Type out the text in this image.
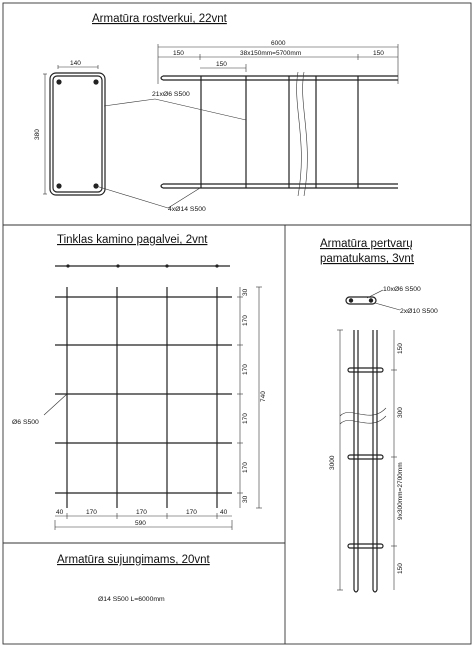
Armatūra rostverkui, 22vnt
140
380
6000
150	38x150mm=5700mm	150
150
21xØ6 S500
4xØ14 S500
Tinklas kamino pagalvei, 2vnt
30
170
170
170
170
30
740
40	170	170	170	40
590
Ø6 S500
Armatūra pertvarų
pamatukams, 3vnt
10xØ6 S500
2xØ10 S500
150
300
9x300mm=2700mm
150
3000
Armatūra sujungimams, 20vnt
Ø14 S500 L=6000mm
